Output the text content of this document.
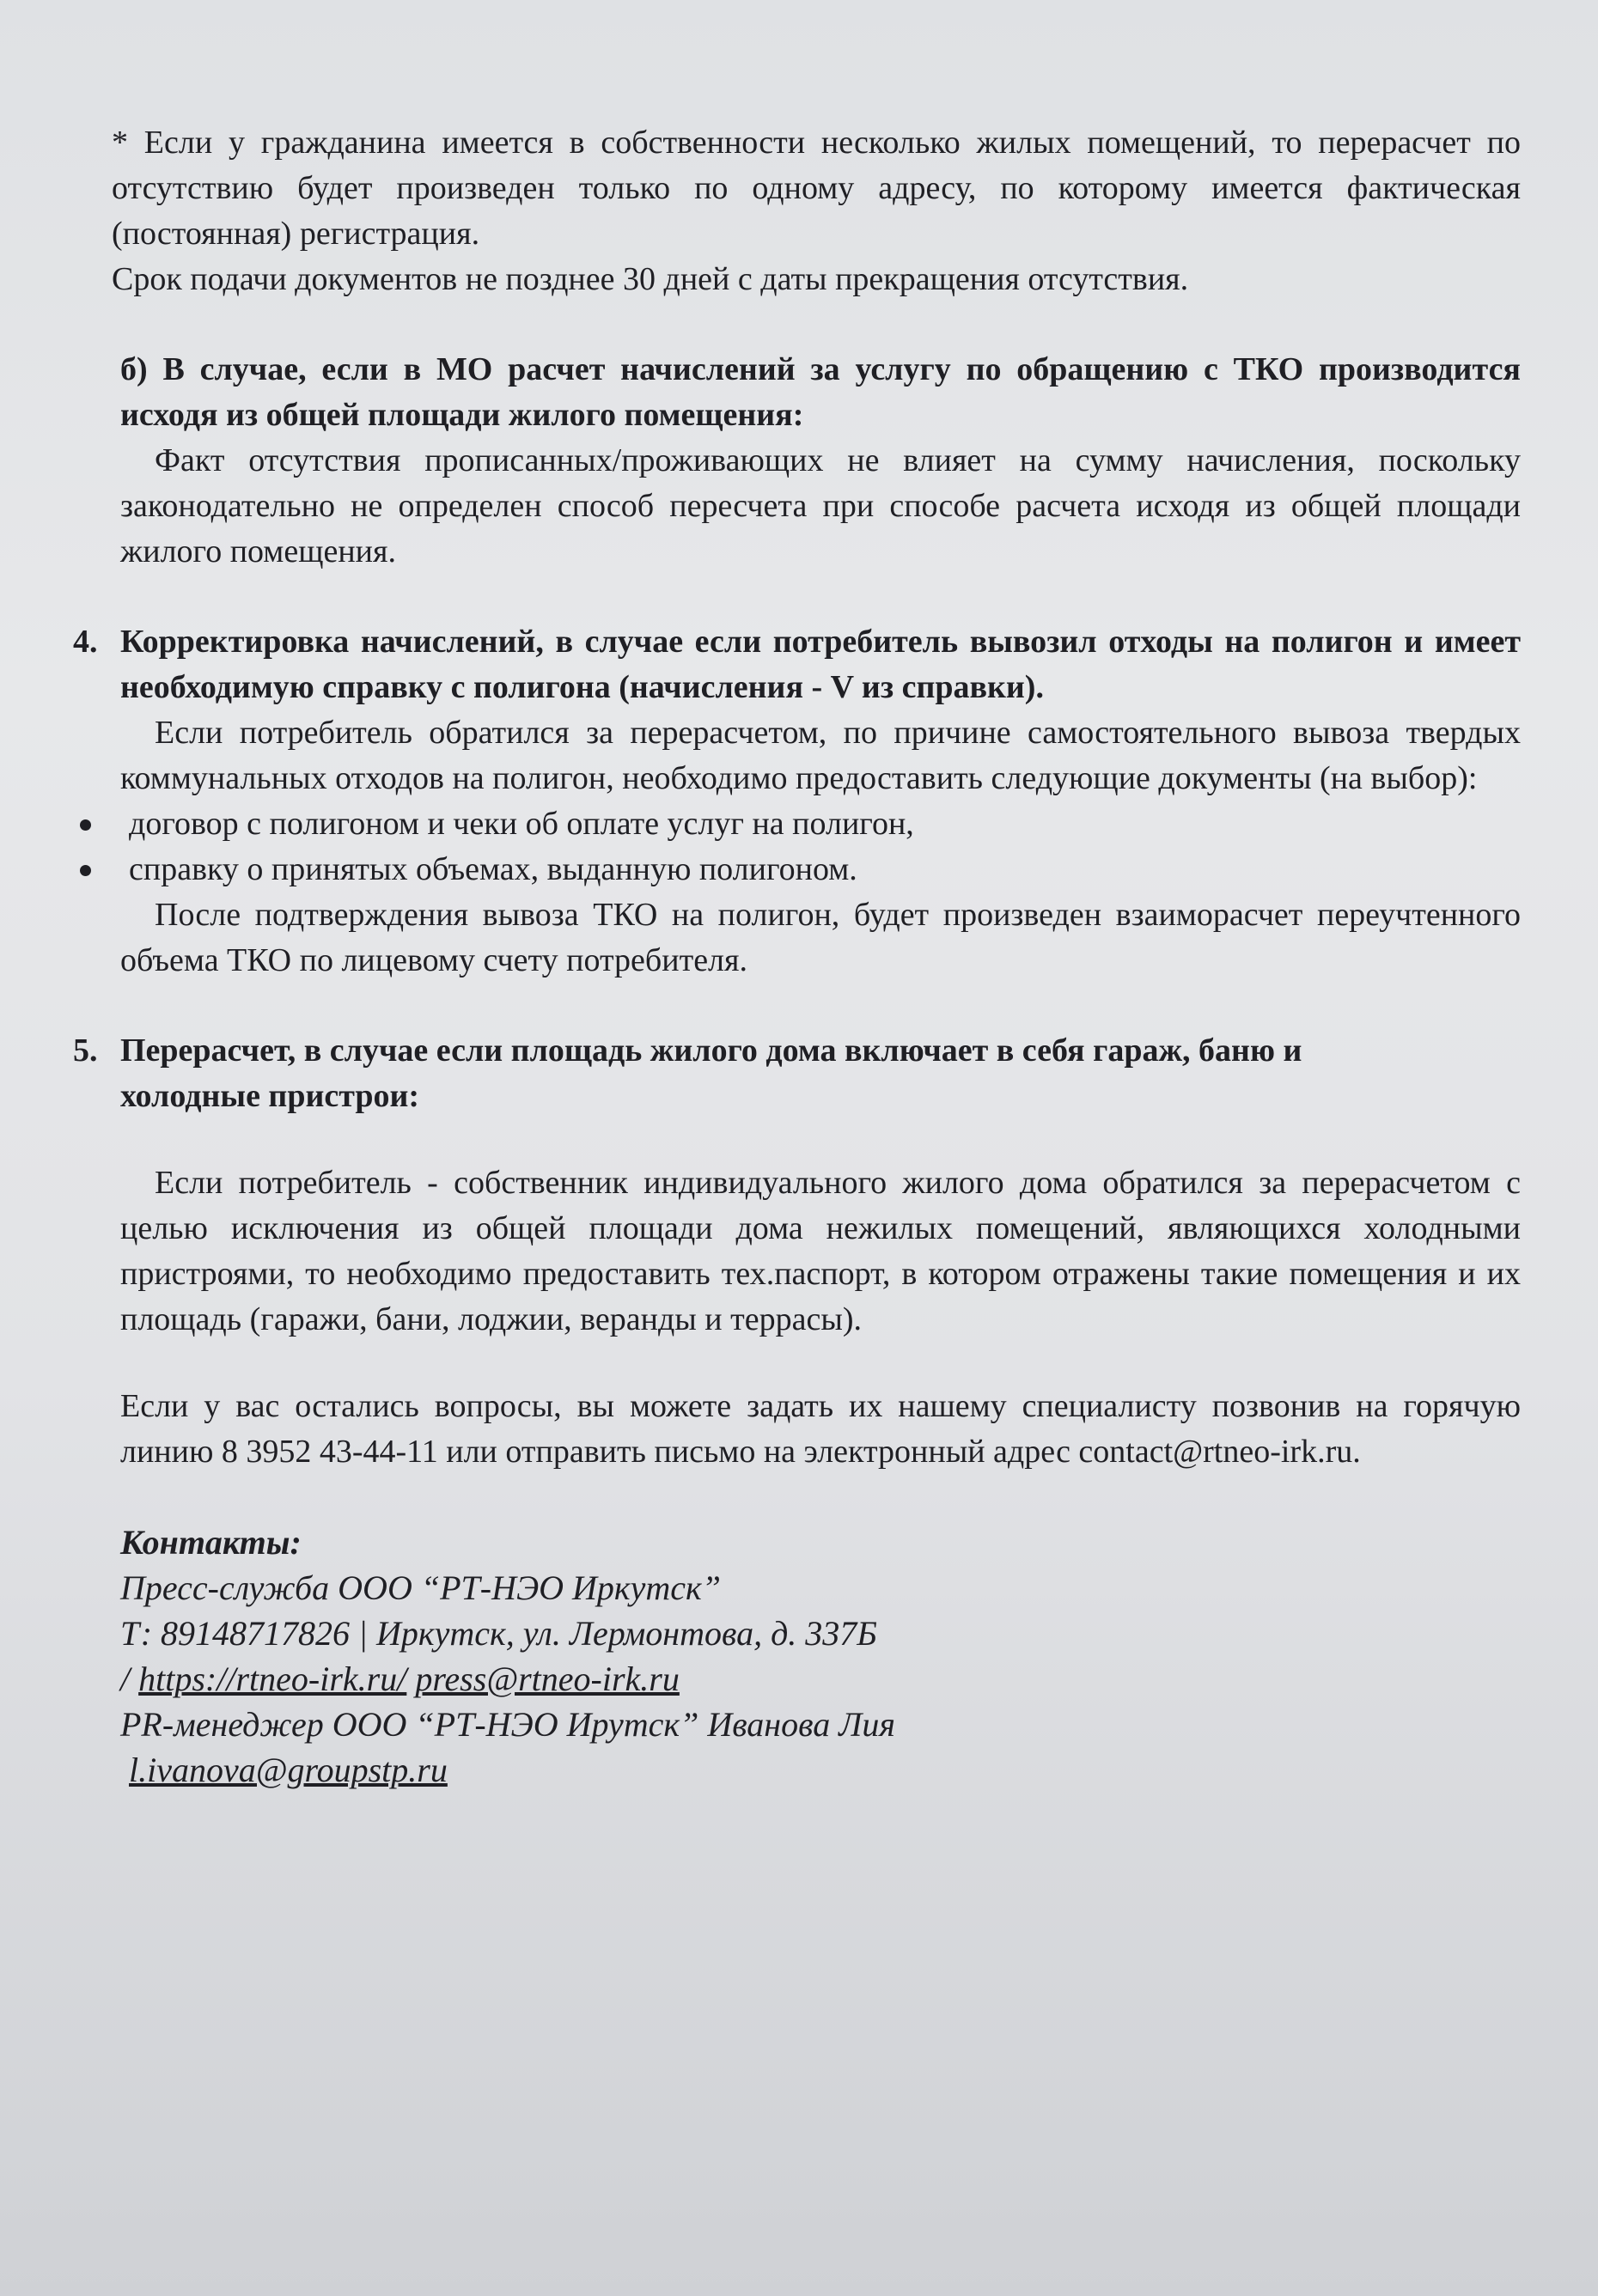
* Если у гражданина имеется в собственности несколько жилых помещений, то перерасчет по отсутствию будет произведен только по одному адресу, по которому имеется фактическая (постоянная) регистрация.

Срок подачи документов не позднее 30 дней с даты прекращения отсутствия.

б) В случае, если в МО расчет начислений за услугу по обращению с ТКО производится исходя из общей площади жилого помещения:

Факт отсутствия прописанных/проживающих не влияет на сумму начисления, поскольку законодательно не определен способ пересчета при способе расчета исходя из общей площади жилого помещения.

4. Корректировка начислений, в случае если потребитель вывозил отходы на полигон и имеет необходимую справку с полигона (начисления - V из справки).

Если потребитель обратился за перерасчетом, по причине самостоятельного вывоза твердых коммунальных отходов на полигон, необходимо предоставить следующие документы (на выбор):

договор с полигоном и чеки об оплате услуг на полигон,
справку о принятых объемах, выданную полигоном.

После подтверждения вывоза ТКО на полигон, будет произведен взаиморасчет переучтенного объема ТКО по лицевому счету потребителя.

5. Перерасчет, в случае если площадь жилого дома включает в себя гараж, баню и холодные пристрои:

Если потребитель - собственник индивидуального жилого дома обратился за перерасчетом с целью исключения из общей площади дома нежилых помещений, являющихся холодными пристроями, то необходимо предоставить тех.паспорт, в котором отражены такие помещения и их площадь (гаражи, бани, лоджии, веранды и террасы).

Если у вас остались вопросы, вы можете задать их нашему специалисту позвонив на горячую линию 8 3952 43-44-11 или отправить письмо на электронный адрес contact@rtneo-irk.ru.

Контакты:

Пресс-служба ООО “РТ-НЭО Иркутск”

Т: 89148717826 | Иркутск, ул. Лермонтова, д. 337Б

/ https://rtneo-irk.ru/ press@rtneo-irk.ru

PR-менеджер ООО “РТ-НЭО Ирутск” Иванова Лия

l.ivanova@groupstp.ru
